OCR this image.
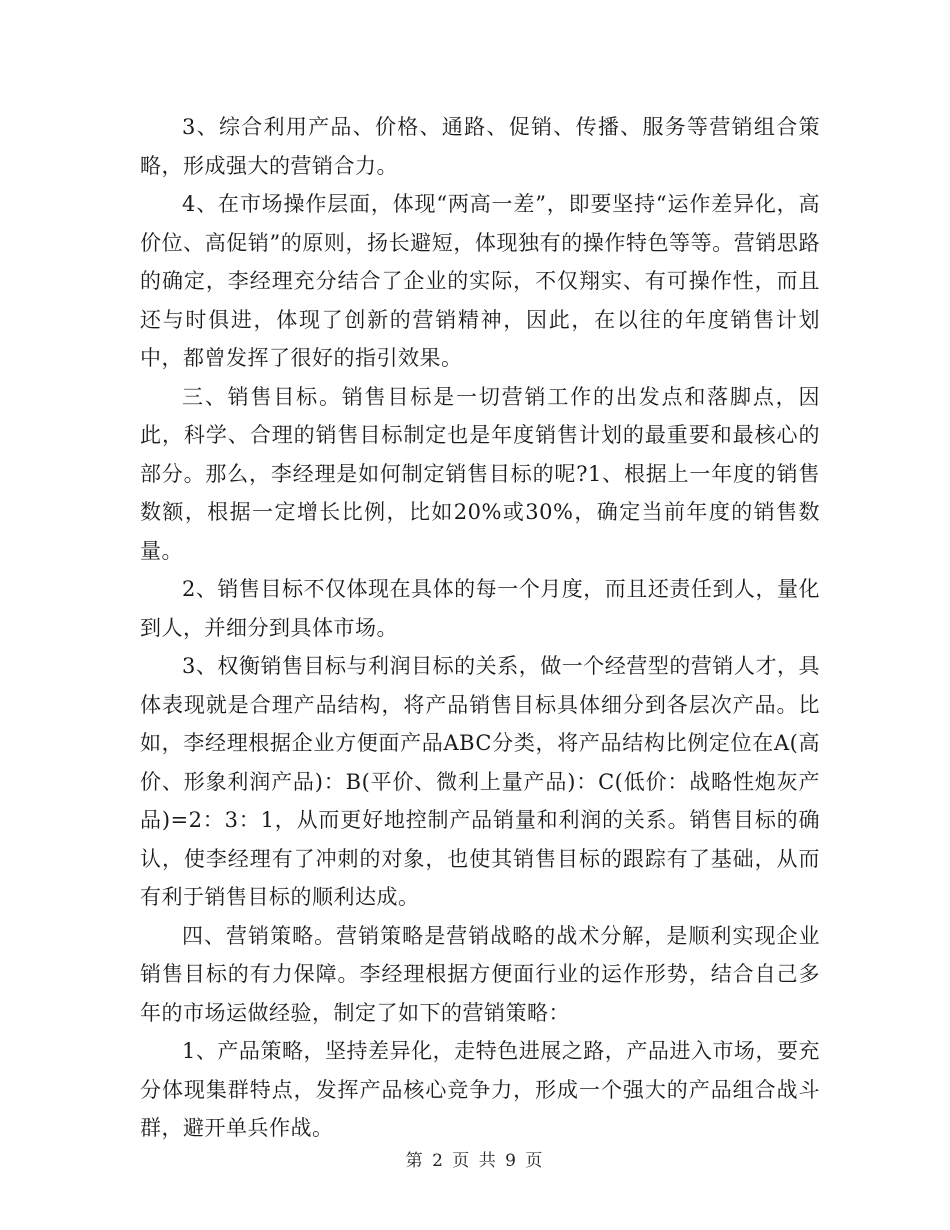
3、综合利用产品、价格、通路、促销、传播、服务等营销组合策略，形成强大的营销合力。

4、在市场操作层面，体现“两高一差”，即要坚持“运作差异化，高价位、高促销”的原则，扬长避短，体现独有的操作特色等等。营销思路的确定，李经理充分结合了企业的实际，不仅翔实、有可操作性，而且还与时俱进，体现了创新的营销精神，因此，在以往的年度销售计划中，都曾发挥了很好的指引效果。

三、销售目标。销售目标是一切营销工作的出发点和落脚点，因此，科学、合理的销售目标制定也是年度销售计划的最重要和最核心的部分。那么，李经理是如何制定销售目标的呢?1、根据上一年度的销售数额，根据一定增长比例，比如20%或30%，确定当前年度的销售数量。

2、销售目标不仅体现在具体的每一个月度，而且还责任到人，量化到人，并细分到具体市场。

3、权衡销售目标与利润目标的关系，做一个经营型的营销人才，具体表现就是合理产品结构，将产品销售目标具体细分到各层次产品。比如，李经理根据企业方便面产品ABC分类，将产品结构比例定位在A(高价、形象利润产品)：B(平价、微利上量产品)：C(低价：战略性炮灰产品)=2：3：1，从而更好地控制产品销量和利润的关系。销售目标的确认，使李经理有了冲刺的对象，也使其销售目标的跟踪有了基础，从而有利于销售目标的顺利达成。

四、营销策略。营销策略是营销战略的战术分解，是顺利实现企业销售目标的有力保障。李经理根据方便面行业的运作形势，结合自己多年的市场运做经验，制定了如下的营销策略：

1、产品策略，坚持差异化，走特色进展之路，产品进入市场，要充分体现集群特点，发挥产品核心竞争力，形成一个强大的产品组合战斗群，避开单兵作战。

第 2 页 共 9 页
